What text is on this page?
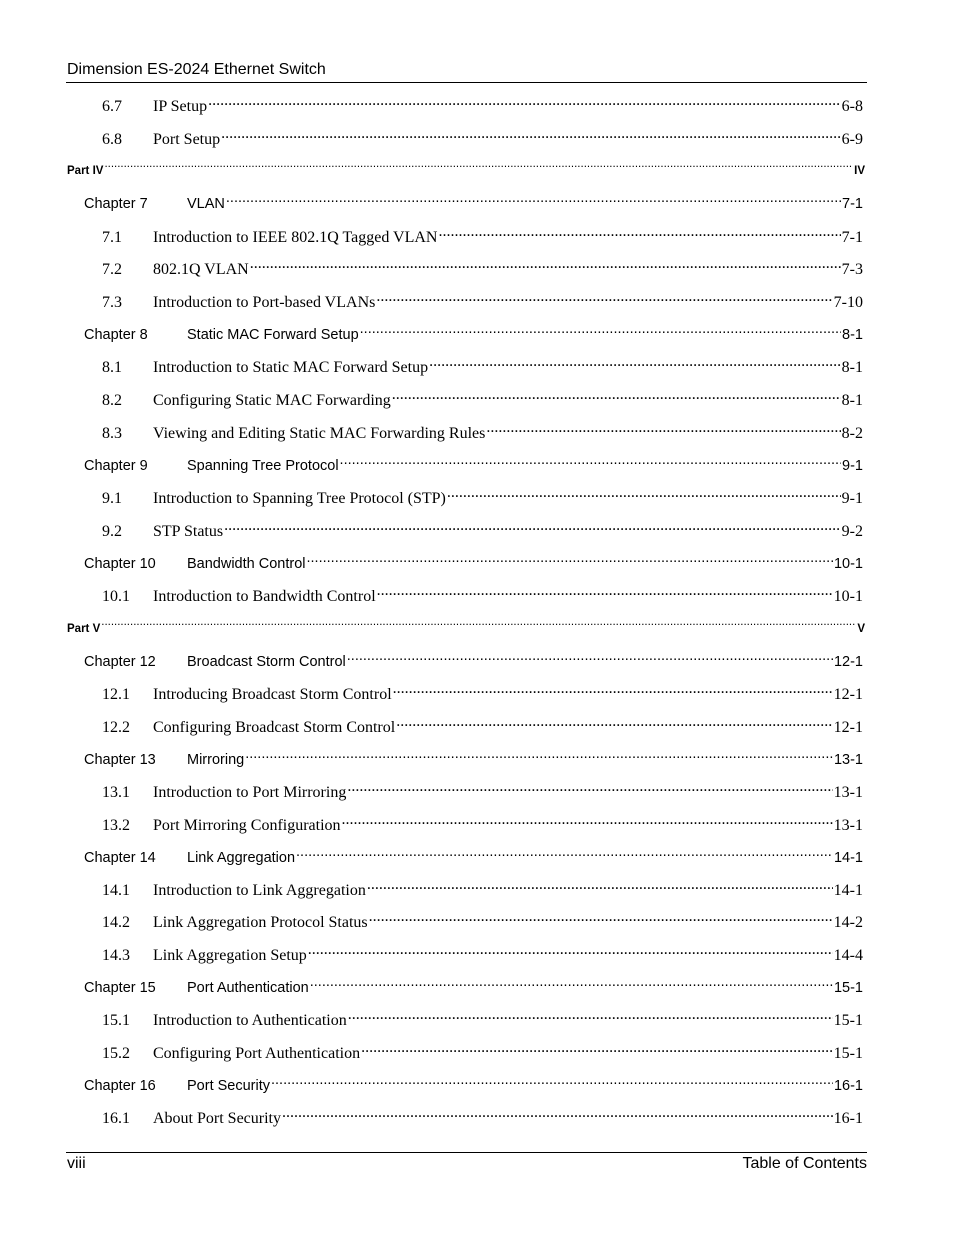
Dimension ES-2024 Ethernet Switch
6.7	IP Setup .....	6-8
6.8	Port Setup .....	6-9
Part IV .....	IV
Chapter 7	VLAN .....	7-1
7.1	Introduction to IEEE 802.1Q Tagged VLAN .....	7-1
7.2	802.1Q VLAN .....	7-3
7.3	Introduction to Port-based VLANs .....	7-10
Chapter 8	Static MAC Forward Setup .....	8-1
8.1	Introduction to Static MAC Forward Setup .....	8-1
8.2	Configuring Static MAC Forwarding .....	8-1
8.3	Viewing and Editing Static MAC Forwarding Rules .....	8-2
Chapter 9	Spanning Tree Protocol .....	9-1
9.1	Introduction to Spanning Tree Protocol (STP) .....	9-1
9.2	STP Status .....	9-2
Chapter 10	Bandwidth Control .....	10-1
10.1	Introduction to Bandwidth Control .....	10-1
Part V .....	V
Chapter 12	Broadcast Storm Control .....	12-1
12.1	Introducing Broadcast Storm Control .....	12-1
12.2	Configuring Broadcast Storm Control .....	12-1
Chapter 13	Mirroring .....	13-1
13.1	Introduction to Port Mirroring .....	13-1
13.2	Port Mirroring Configuration .....	13-1
Chapter 14	Link Aggregation .....	14-1
14.1	Introduction to Link Aggregation .....	14-1
14.2	Link Aggregation Protocol Status .....	14-2
14.3	Link Aggregation Setup .....	14-4
Chapter 15	Port Authentication .....	15-1
15.1	Introduction to Authentication .....	15-1
15.2	Configuring Port Authentication .....	15-1
Chapter 16	Port Security .....	16-1
16.1	About Port Security .....	16-1
viii	Table of Contents
